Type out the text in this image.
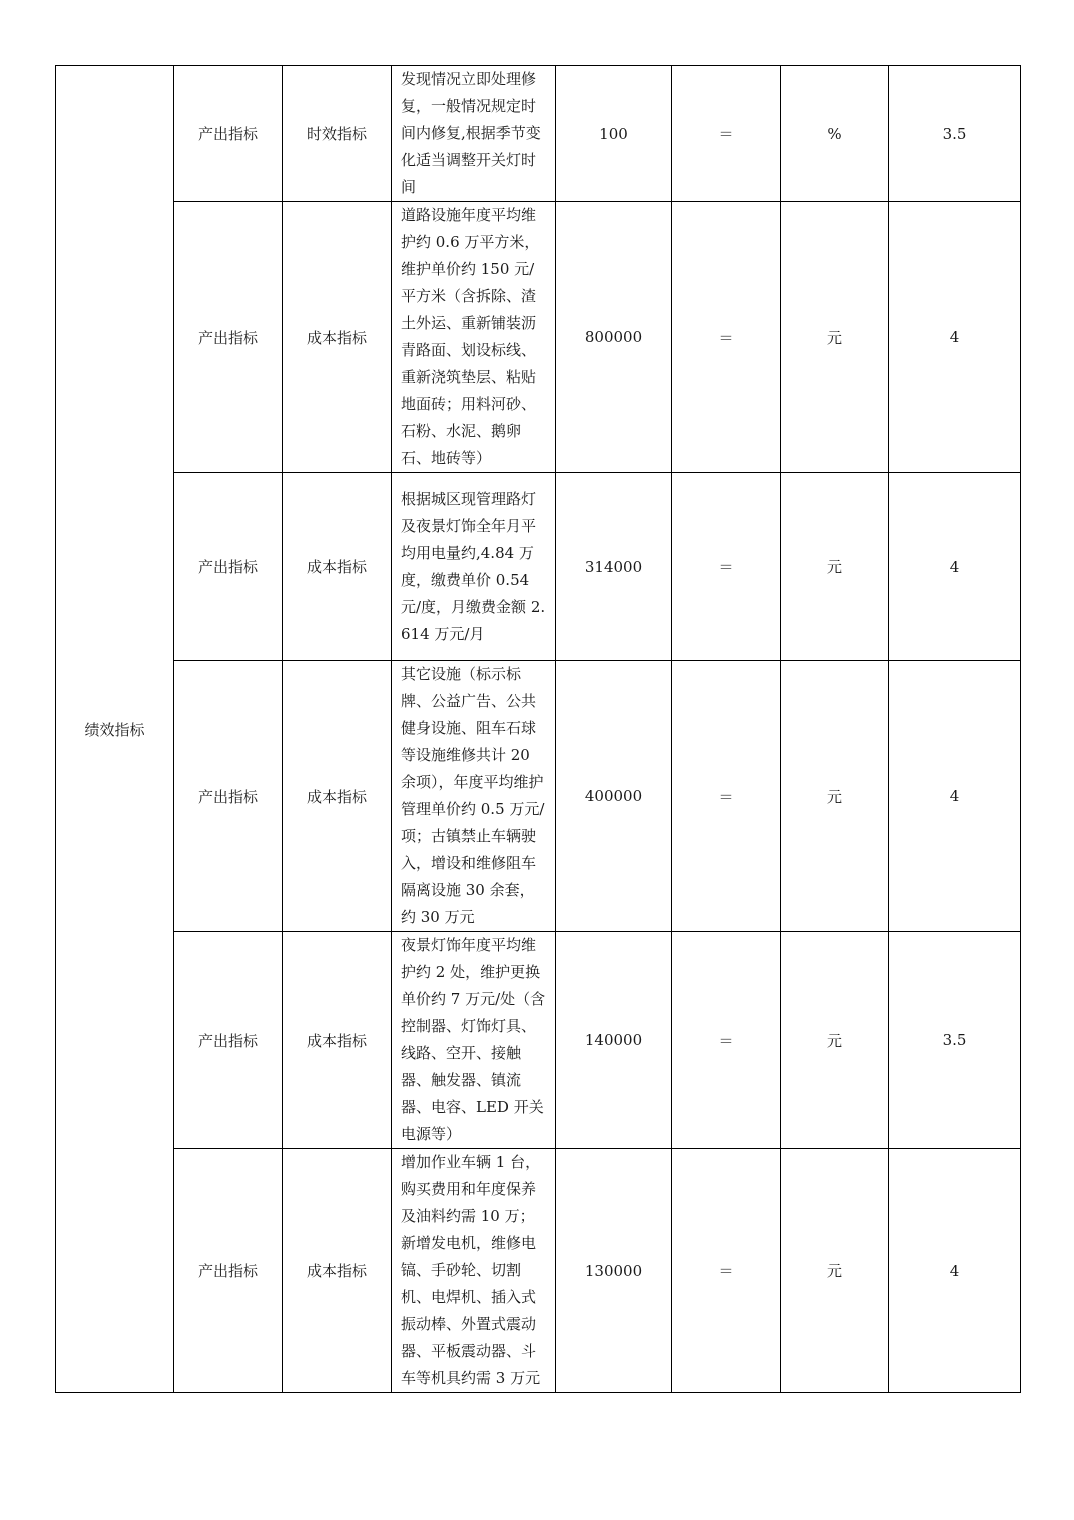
绩效指标	产出指标	时效指标	发现情况立即处理修复，一般情况规定时间内修复,根据季节变化适当调整开关灯时间	100	＝	%	3.5
	产出指标	成本指标	道路设施年度平均维护约 0.6 万平方米，维护单价约 150 元/平方米（含拆除、渣土外运、重新铺装沥青路面、划设标线、重新浇筑垫层、粘贴地面砖；用料河砂、石粉、水泥、鹅卵石、地砖等）	800000	＝	元	4
	产出指标	成本指标	根据城区现管理路灯及夜景灯饰全年月平均用电量约,4.84 万度，缴费单价 0.54 元/度，月缴费金额 2.614 万元/月	314000	＝	元	4
	产出指标	成本指标	其它设施（标示标牌、公益广告、公共健身设施、阻车石球等设施维修共计 20 余项），年度平均维护管理单价约 0.5 万元/项；古镇禁止车辆驶入，增设和维修阻车隔离设施 30 余套，约 30 万元	400000	＝	元	4
	产出指标	成本指标	夜景灯饰年度平均维护约 2 处，维护更换单价约 7 万元/处（含控制器、灯饰灯具、线路、空开、接触器、触发器、镇流器、电容、LED 开关电源等）	140000	＝	元	3.5
	产出指标	成本指标	增加作业车辆 1 台，购买费用和年度保养及油料约需 10 万；新增发电机，维修电镐、手砂轮、切割机、电焊机、插入式振动棒、外置式震动器、平板震动器、斗车等机具约需 3 万元	130000	＝	元	4
